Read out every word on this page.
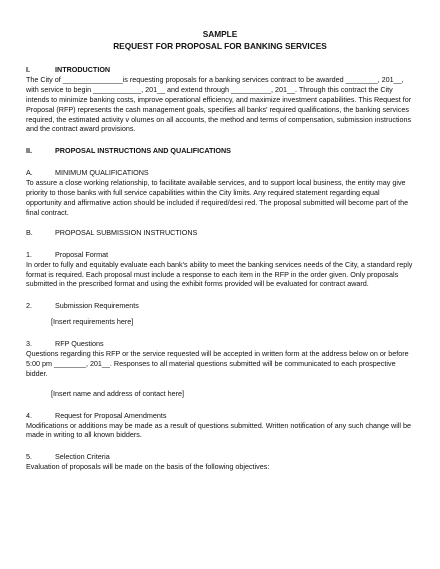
SAMPLE

REQUEST FOR PROPOSAL FOR BANKING SERVICES

I.	INTRODUCTION

The City of _______________is requesting proposals for a banking services contract to be awarded ________, 201__, with service to begin ____________, 201__ and extend through __________, 201__. Through this contract the City intends to minimize banking costs, improve operational efficiency, and maximize investment capabilities. This Request for Proposal (RFP) represents the cash management goals, specifies all banks' required qualifications, the banking services required, the estimated activity v olumes on all accounts, the method and terms of compensation, submission instructions and the contract award provisions.

II.	PROPOSAL INSTRUCTIONS AND QUALIFICATIONS
A.	MINIMUM QUALIFICATIONS

To assure a close working relationship, to facilitate available services, and to support local business, the entity may give priority to those banks with full service capabilities within the City limits. Any required statement regarding equal opportunity and affirmative action should be included if required/desi red. The proposal submitted will become part of the final contract.

B.	PROPOSAL SUBMISSION INSTRUCTIONS
1.	Proposal Format

In order to fully and equitably evaluate each bank's ability to meet the banking services needs of the City, a standard reply format is required. Each proposal must include a response to each item in the RFP in the order given. Only proposals submitted in the prescribed format and using the exhibit forms provided will be evaluated for contract award.

2.	Submission Requirements

[Insert requirements here]

3.	RFP Questions

Questions regarding this RFP or the service requested will be accepted in written form at the address below on or before 5:00 pm ________, 201__. Responses to all material questions submitted will be communicated to each prospective bidder.

[Insert name and address of contact here]

4.	Request for Proposal Amendments

Modifications or additions may be made as a result of questions submitted. Written notification of any such change will be made in writing to all known bidders.

5.	Selection Criteria

Evaluation of proposals will be made on the basis of the following objectives:
